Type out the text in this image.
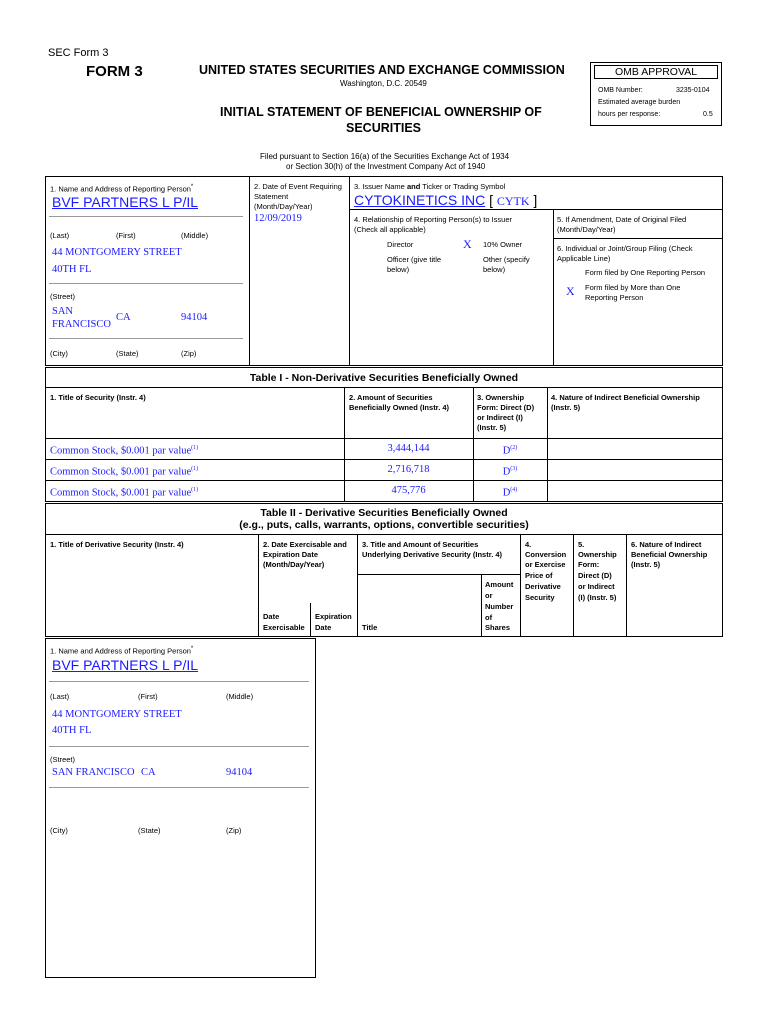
SEC Form 3
FORM 3	UNITED STATES SECURITIES AND EXCHANGE COMMISSION
Washington, D.C. 20549
INITIAL STATEMENT OF BENEFICIAL OWNERSHIP OF
SECURITIES
Filed pursuant to Section 16(a) of the Securities Exchange Act of 1934
or Section 30(h) of the Investment Company Act of 1940
OMB APPROVAL
OMB Number:	3235-0104
Estimated average burden
hours per response:	0.5
1. Name and Address of Reporting Person*
BVF PARTNERS L P/IL
(Last)	(First)	(Middle)
44 MONTGOMERY STREET
40TH FL
(Street)
SAN
FRANCISCO
CA	94104
(City)	(State)	(Zip)
2. Date of Event Requiring
Statement
(Month/Day/Year)
12/09/2019
3. Issuer Name and Ticker or Trading Symbol
CYTOKINETICS INC [ CYTK ]
4. Relationship of Reporting Person(s) to Issuer
(Check all applicable)
Director	X 10% Owner
Officer (give title
below)
Other (specify
below)
5. If Amendment, Date of Original Filed
(Month/Day/Year)
6. Individual or Joint/Group Filing (Check
Applicable Line)
Form filed by One Reporting Person
X Form filed by More than One
Reporting Person
Table I - Non-Derivative Securities Beneficially Owned
1. Title of Security (Instr. 4)	2. Amount of Securities
Beneficially Owned (Instr. 4)
3. Ownership
Form: Direct (D)
or Indirect (I)
(Instr. 5)
4. Nature of Indirect Beneficial Ownership
(Instr. 5)
Common Stock, $0.001 par value$^{(1)}$	3,444,144	$D^{(2)}$
Common Stock, $0.001 par value$^{(1)}$	2,716,718	$D^{(3)}$
Common Stock, $0.001 par value$^{(1)}$	475,776	$D^{(4)}$
Table II - Derivative Securities Beneficially Owned
(e.g., puts, calls, warrants, options, convertible securities)
1. Title of Derivative Security (Instr. 4)	2. Date Exercisable and
Expiration Date
(Month/Day/Year)
3. Title and Amount of Securities
Underlying Derivative Security (Instr. 4)
4.
Conversion
or Exercise
Price of
Derivative
Security
5.
Ownership
Form:
Direct (D)
or Indirect
(I) (Instr. 5)
6. Nature of Indirect
Beneficial Ownership
(Instr. 5)
Date
Exercisable
Expiration
Date	Title
Amount
or
Number
of
Shares
1. Name and Address of Reporting Person*
BVF PARTNERS L P/IL
(Last)	(First)	(Middle)
44 MONTGOMERY STREET
40TH FL
(Street)
SAN FRANCISCO CA	94104
(City)	(State)	(Zip)
